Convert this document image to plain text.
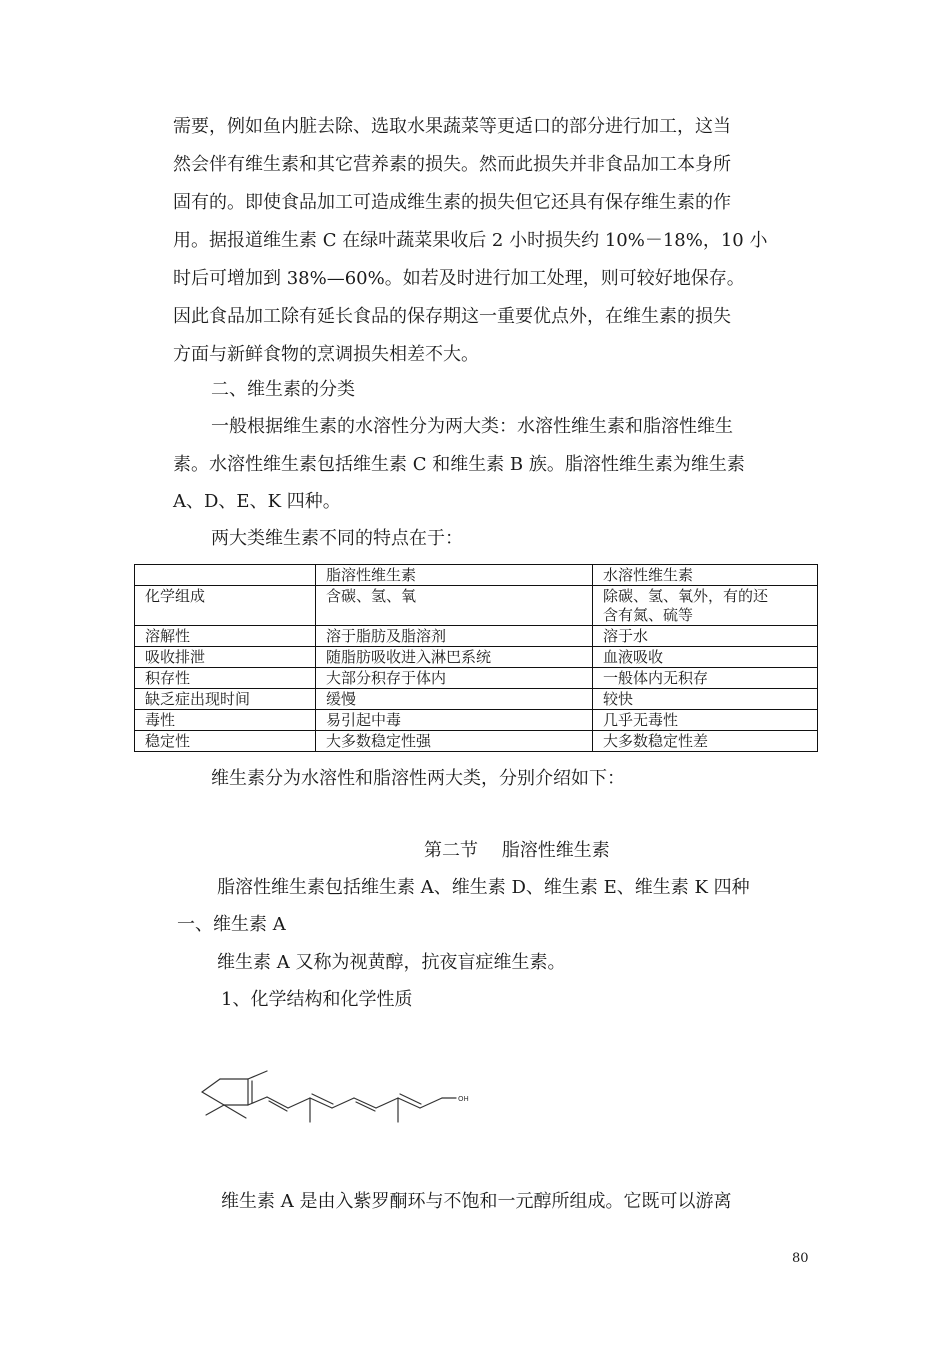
需要，例如鱼内脏去除、选取水果蔬菜等更适口的部分进行加工，这当
然会伴有维生素和其它营养素的损失。然而此损失并非食品加工本身所
固有的。即使食品加工可造成维生素的损失但它还具有保存维生素的作
用。据报道维生素 C 在绿叶蔬菜果收后 2 小时损失约 10%－18%，10 小
时后可增加到 38%—60%。如若及时进行加工处理，则可较好地保存。
因此食品加工除有延长食品的保存期这一重要优点外，在维生素的损失
方面与新鲜食物的烹调损失相差不大。
二、维生素的分类
一般根据维生素的水溶性分为两大类：水溶性维生素和脂溶性维生
素。水溶性维生素包括维生素 C 和维生素 B 族。脂溶性维生素为维生素
A、D、E、K 四种。
两大类维生素不同的特点在于：
	脂溶性维生素	水溶性维生素
化学组成	含碳、氢、氧	除碳、氢、氧外，有的还含有氮、硫等
溶解性	溶于脂肪及脂溶剂	溶于水
吸收排泄	随脂肪吸收进入淋巴系统	血液吸收
积存性	大部分积存于体内	一般体内无积存
缺乏症出现时间	缓慢	较快
毒性	易引起中毒	几乎无毒性
稳定性	大多数稳定性强	大多数稳定性差
维生素分为水溶性和脂溶性两大类，分别介绍如下：
第二节　 脂溶性维生素
脂溶性维生素包括维生素 A、维生素 D、维生素 E、维生素 K 四种
一、维生素 A
维生素 A 又称为视黄醇，抗夜盲症维生素。
1、化学结构和化学性质
OH
维生素 A 是由入紫罗酮环与不饱和一元醇所组成。它既可以游离
80
